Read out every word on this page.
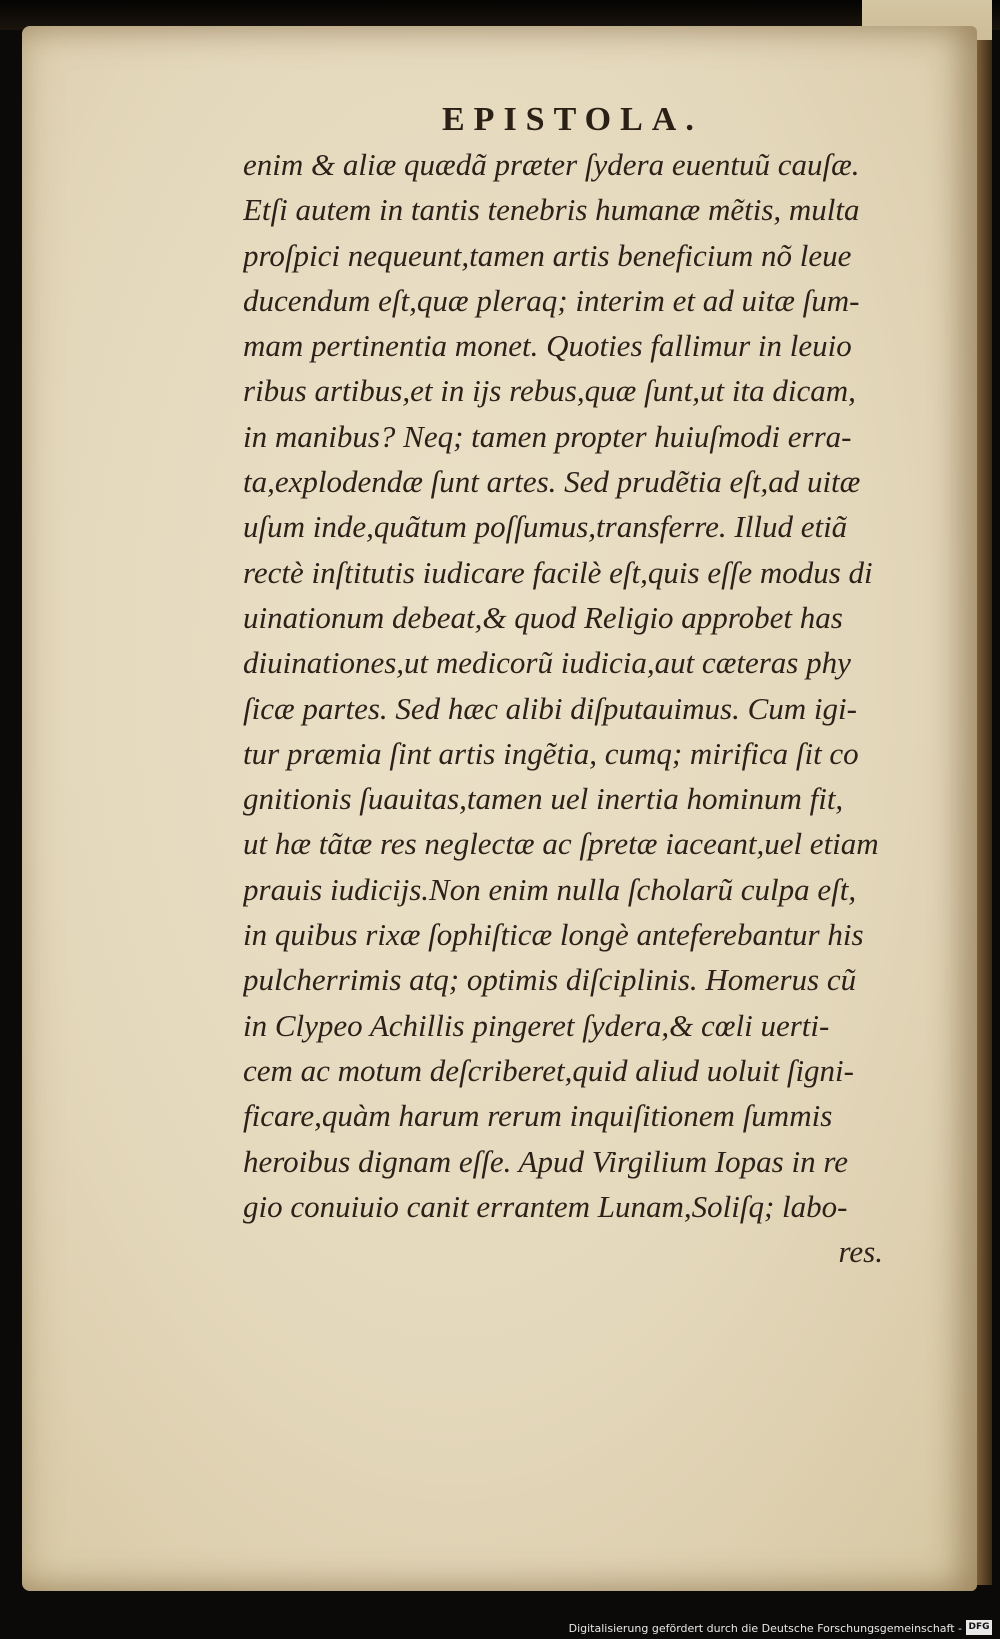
EPISTOLA.
enim & aliæ quædã præter ſydera euentuũ cauſæ.
Etſi autem in tantis tenebris humanæ mẽtis, multa
proſpici nequeunt,tamen artis beneficium nõ leue
ducendum eſt,quæ pleraq; interim et ad uitæ ſum-
mam pertinentia monet. Quoties fallimur in leuio
ribus artibus,et in ijs rebus,quæ ſunt,ut ita dicam,
in manibus? Neq; tamen propter huiuſmodi erra-
ta,explodendæ ſunt artes. Sed prudẽtia eſt,ad uitæ
uſum inde,quãtum poſſumus,transferre. Illud etiã
rectè inſtitutis iudicare facilè eſt,quis eſſe modus di
uinationum debeat,& quod Religio approbet has
diuinationes,ut medicorũ iudicia,aut cæteras phy
ſicæ partes. Sed hæc alibi diſputauimus. Cum igi-
tur præmia ſint artis ingẽtia, cumq; mirifica ſit co
gnitionis ſuauitas,tamen uel inertia hominum fit,
ut hæ tãtæ res neglectæ ac ſpretæ iaceant,uel etiam
prauis iudicijs.Non enim nulla ſcholarũ culpa eſt,
in quibus rixæ ſophiſticæ longè anteferebantur his
pulcherrimis atq; optimis diſciplinis. Homerus cũ
in Clypeo Achillis pingeret ſydera,& cœli uerti-
cem ac motum deſcriberet,quid aliud uoluit ſigni-
ficare,quàm harum rerum inquiſitionem ſummis
heroibus dignam eſſe. Apud Virgilium Iopas in re
gio conuiuio canit errantem Lunam,Soliſq; labo-
res.
Digitalisierung gefördert durch die Deutsche Forschungsgemeinschaft - DFG
